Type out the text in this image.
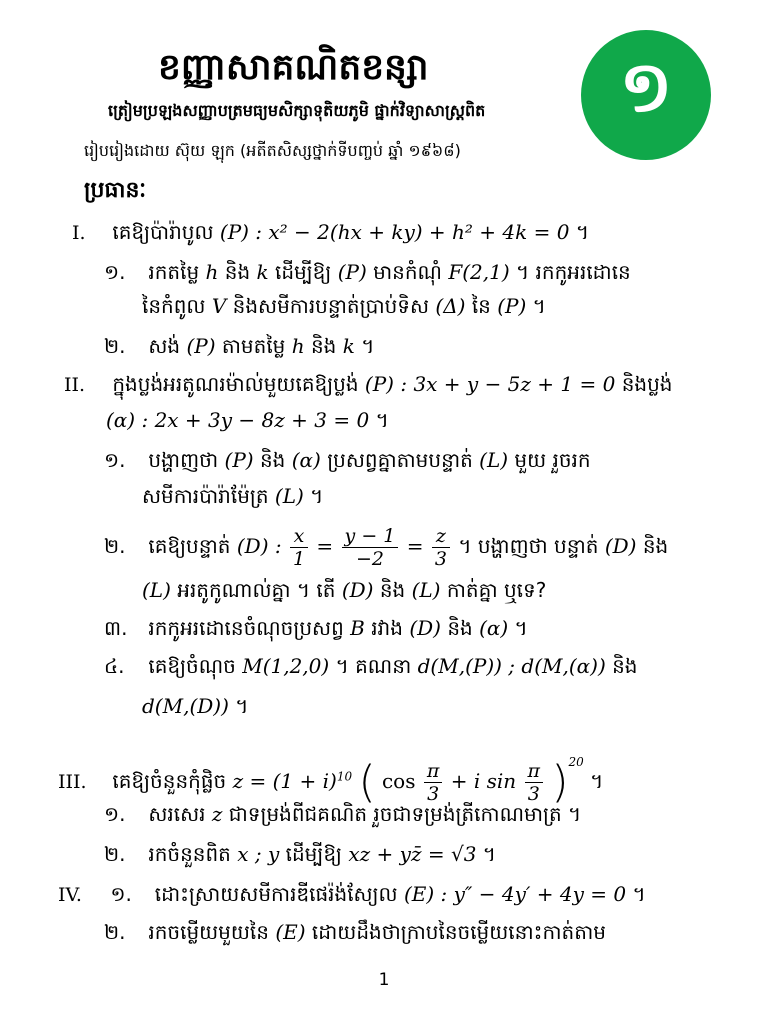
ខញ្ញាសាគណិតខន្សា	១
ត្រៀមប្រឡងសញ្ញាបត្រមធ្យមសិក្សាទុតិយភូមិ ផ្នាក់វិទ្យាសាស្ត្រពិត
រៀបរៀងដោយ ស៊ុយ ឡុក (អតីតសិស្សថ្នាក់ទីបញ្ចប់ ឆ្នាំ ១៩៦៨)
ប្រធានៈ
I. គេឱ្យប៉ារ៉ាបូល (P) : x² − 2(hx + ky) + h² + 4k = 0 ។
១. រកតម្លៃ h និង k ដើម្បីឱ្យ (P) មានកំណុំ F(2,1) ។ រកកូអរដោនេ
នៃកំពូល V និងសមីការបន្ទាត់ប្រាប់ទិស (Δ) នៃ (P) ។
២. សង់ (P) តាមតម្លៃ h និង k ។
II. ក្នុងប្លង់អរតូណរម៉ាល់មួយគេឱ្យប្លង់ (P) : 3x + y − 5z + 1 = 0 និងប្លង់
(α) : 2x + 3y − 8z + 3 = 0 ។
១. បង្ហាញថា (P) និង (α) ប្រសព្វគ្នាតាមបន្ទាត់ (L) មួយ រួចរក
សមីការប៉ារ៉ាម៉ែត្រ (L) ។
២. គេឱ្យបន្ទាត់ (D) : $\frac{x}{1} = \frac{y - 1}{-2} = \frac{z}{3}$ ។ បង្ហាញថា បន្ទាត់ (D) និង
(L) អរតូកូណាល់គ្នា ។ តើ (D) និង (L) កាត់គ្នា ឬទេ?
៣. រកកូអរដោនេចំណុចប្រសព្វ B រវាង (D) និង (α) ។
៤. គេឱ្យចំណុច M(1,2,0) ។ គណនា d(M,(P)) ; d(M,(α)) និង
d(M,(D)) ។
III. គេឱ្យចំនួនកុំផ្លិច $z = (1 + i)^{10}$ ( $\cos \frac{\pi}{3} + i$ $\sin \frac{\pi}{3} )^{20}$ ។
១. សរសេរ z ជាទម្រង់ពីជគណិត រួចជាទម្រង់ត្រីកោណមាត្រ ។
២. រកចំនួនពិត x ; y ដើម្បីឱ្យ xz + yz̄ = √3 ។
IV. ១. ដោះស្រាយសមីការឌីផេរ៉ង់ស្យែល (E) : y″ − 4y′ + 4y = 0 ។
២. រកចម្លើយមួយនៃ (E) ដោយដឹងថាក្រាបនៃចម្លើយនោះកាត់តាម
1
